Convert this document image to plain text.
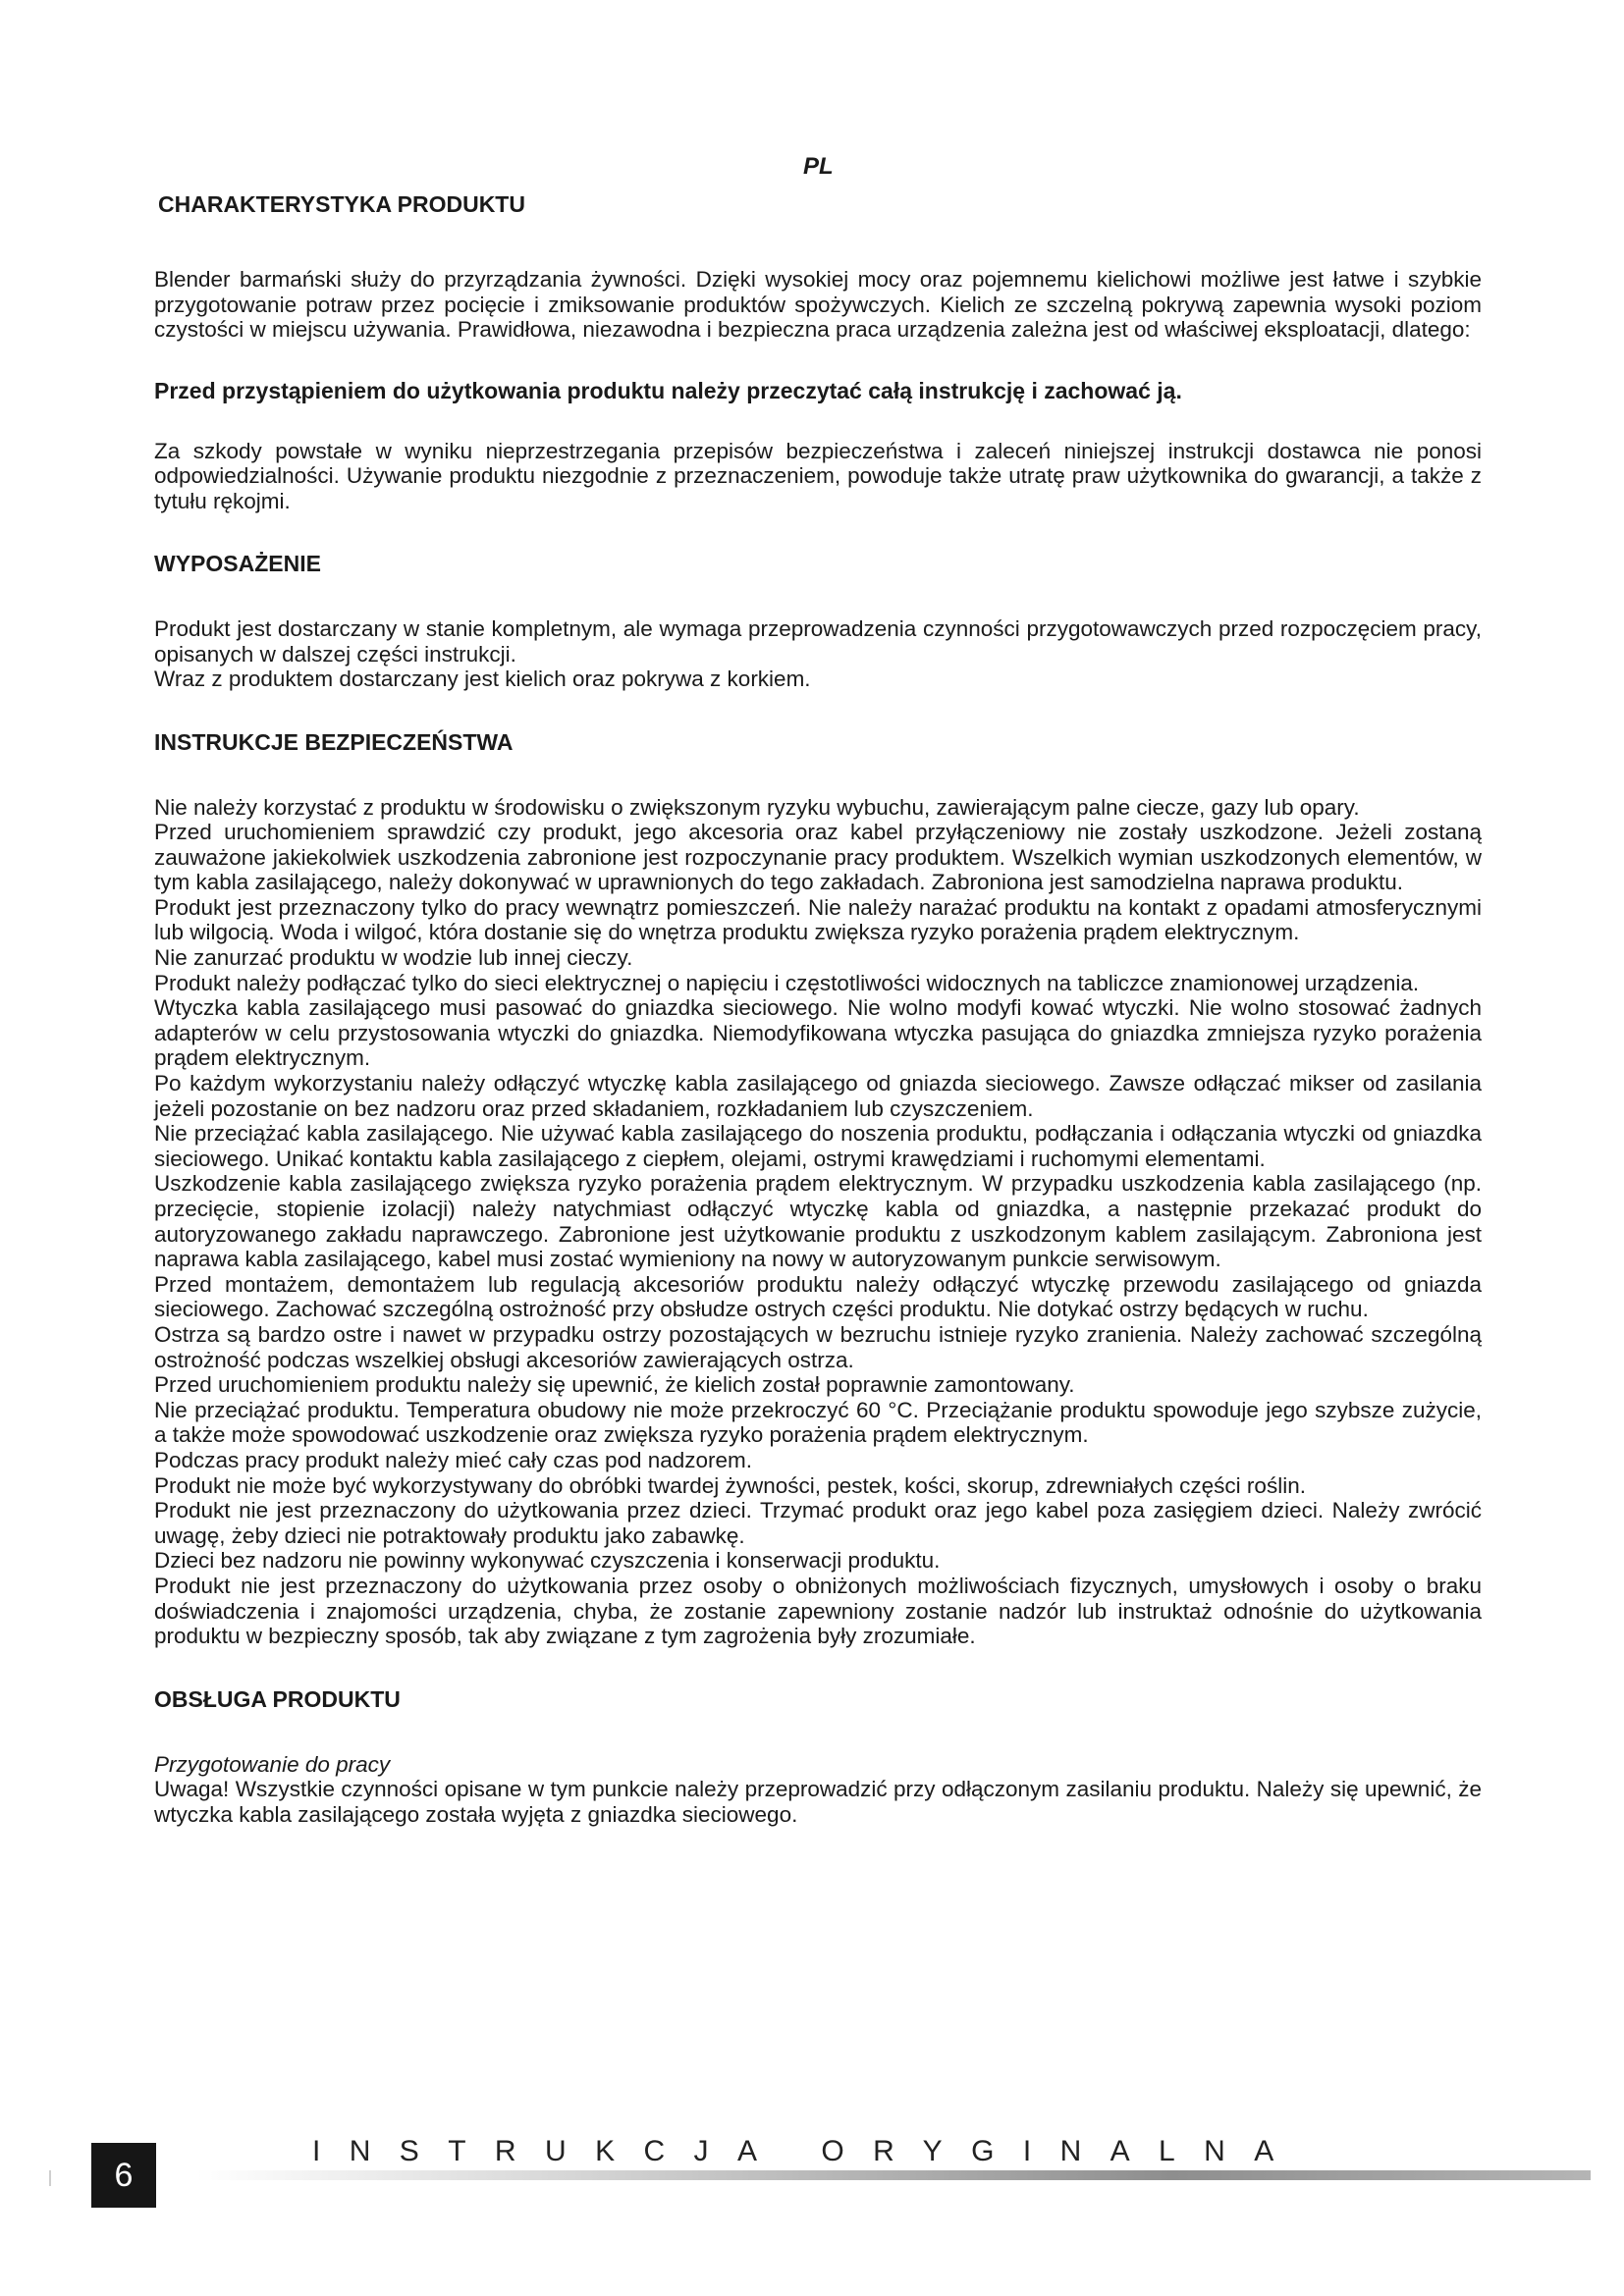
PL
CHARAKTERYSTYKA PRODUKTU

Blender barmański służy do przyrządzania żywności. Dzięki wysokiej mocy oraz pojemnemu kielichowi możliwe jest łatwe i szybkie przygotowanie potraw przez pocięcie i zmiksowanie produktów spożywczych. Kielich ze szczelną pokrywą zapewnia wysoki poziom czystości w miejscu używania. Prawidłowa, niezawodna i bezpieczna praca urządzenia zależna jest od właściwej eksploatacji, dlatego:

Przed przystąpieniem do użytkowania produktu należy przeczytać całą instrukcję i zachować ją.

Za szkody powstałe w wyniku nieprzestrzegania przepisów bezpieczeństwa i zaleceń niniejszej instrukcji dostawca nie ponosi odpowiedzialności. Używanie produktu niezgodnie z przeznaczeniem, powoduje także utratę praw użytkownika do gwarancji, a także z tytułu rękojmi.

WYPOSAŻENIE

Produkt jest dostarczany w stanie kompletnym, ale wymaga przeprowadzenia czynności przygotowawczych przed rozpoczęciem pracy, opisanych w dalszej części instrukcji.

Wraz z produktem dostarczany jest kielich oraz pokrywa z korkiem.

INSTRUKCJE BEZPIECZEŃSTWA

Nie należy korzystać z produktu w środowisku o zwiększonym ryzyku wybuchu, zawierającym palne ciecze, gazy lub opary.

Przed uruchomieniem sprawdzić czy produkt, jego akcesoria oraz kabel przyłączeniowy nie zostały uszkodzone. Jeżeli zostaną zauważone jakiekolwiek uszkodzenia zabronione jest rozpoczynanie pracy produktem. Wszelkich wymian uszkodzonych elementów, w tym kabla zasilającego, należy dokonywać w uprawnionych do tego zakładach. Zabroniona jest samodzielna naprawa produktu.

Produkt jest przeznaczony tylko do pracy wewnątrz pomieszczeń. Nie należy narażać produktu na kontakt z opadami atmosferycznymi lub wilgocią. Woda i wilgoć, która dostanie się do wnętrza produktu zwiększa ryzyko porażenia prądem elektrycznym.

Nie zanurzać produktu w wodzie lub innej cieczy.

Produkt należy podłączać tylko do sieci elektrycznej o napięciu i częstotliwości widocznych na tabliczce znamionowej urządzenia.

Wtyczka kabla zasilającego musi pasować do gniazdka sieciowego. Nie wolno modyfi kować wtyczki. Nie wolno stosować żadnych adapterów w celu przystosowania wtyczki do gniazdka. Niemodyfikowana wtyczka pasująca do gniazdka zmniejsza ryzyko porażenia prądem elektrycznym.

Po każdym wykorzystaniu należy odłączyć wtyczkę kabla zasilającego od gniazda sieciowego. Zawsze odłączać mikser od zasilania jeżeli pozostanie on bez nadzoru oraz przed składaniem, rozkładaniem lub czyszczeniem.

Nie przeciążać kabla zasilającego. Nie używać kabla zasilającego do noszenia produktu, podłączania i odłączania wtyczki od gniazdka sieciowego. Unikać kontaktu kabla zasilającego z ciepłem, olejami, ostrymi krawędziami i ruchomymi elementami.

Uszkodzenie kabla zasilającego zwiększa ryzyko porażenia prądem elektrycznym. W przypadku uszkodzenia kabla zasilającego (np. przecięcie, stopienie izolacji) należy natychmiast odłączyć wtyczkę kabla od gniazdka, a następnie przekazać produkt do autoryzowanego zakładu naprawczego. Zabronione jest użytkowanie produktu z uszkodzonym kablem zasilającym. Zabroniona jest naprawa kabla zasilającego, kabel musi zostać wymieniony na nowy w autoryzowanym punkcie serwisowym.

Przed montażem, demontażem lub regulacją akcesoriów produktu należy odłączyć wtyczkę przewodu zasilającego od gniazda sieciowego. Zachować szczególną ostrożność przy obsłudze ostrych części produktu. Nie dotykać ostrzy będących w ruchu.

Ostrza są bardzo ostre i nawet w przypadku ostrzy pozostających w bezruchu istnieje ryzyko zranienia. Należy zachować szczególną ostrożność podczas wszelkiej obsługi akcesoriów zawierających ostrza.

Przed uruchomieniem produktu należy się upewnić, że kielich został poprawnie zamontowany.

Nie przeciążać produktu. Temperatura obudowy nie może przekroczyć 60 °C. Przeciążanie produktu spowoduje jego szybsze zużycie, a także może spowodować uszkodzenie oraz zwiększa ryzyko porażenia prądem elektrycznym.

Podczas pracy produkt należy mieć cały czas pod nadzorem.

Produkt nie może być wykorzystywany do obróbki twardej żywności, pestek, kości, skorup, zdrewniałych części roślin.

Produkt nie jest przeznaczony do użytkowania przez dzieci. Trzymać produkt oraz jego kabel poza zasięgiem dzieci. Należy zwrócić uwagę, żeby dzieci nie potraktowały produktu jako zabawkę.

Dzieci bez nadzoru nie powinny wykonywać czyszczenia i konserwacji produktu.

Produkt nie jest przeznaczony do użytkowania przez osoby o obniżonych możliwościach fizycznych, umysłowych i osoby o braku doświadczenia i znajomości urządzenia, chyba, że zostanie zapewniony zostanie nadzór lub instruktaż odnośnie do użytkowania produktu w bezpieczny sposób, tak aby związane z tym zagrożenia były zrozumiałe.

OBSŁUGA PRODUKTU

Przygotowanie do pracy

Uwaga! Wszystkie czynności opisane w tym punkcie należy przeprowadzić przy odłączonym zasilaniu produktu. Należy się upewnić, że wtyczka kabla zasilającego została wyjęta z gniazdka sieciowego.

6
INSTRUKCJA ORYGINALNA
